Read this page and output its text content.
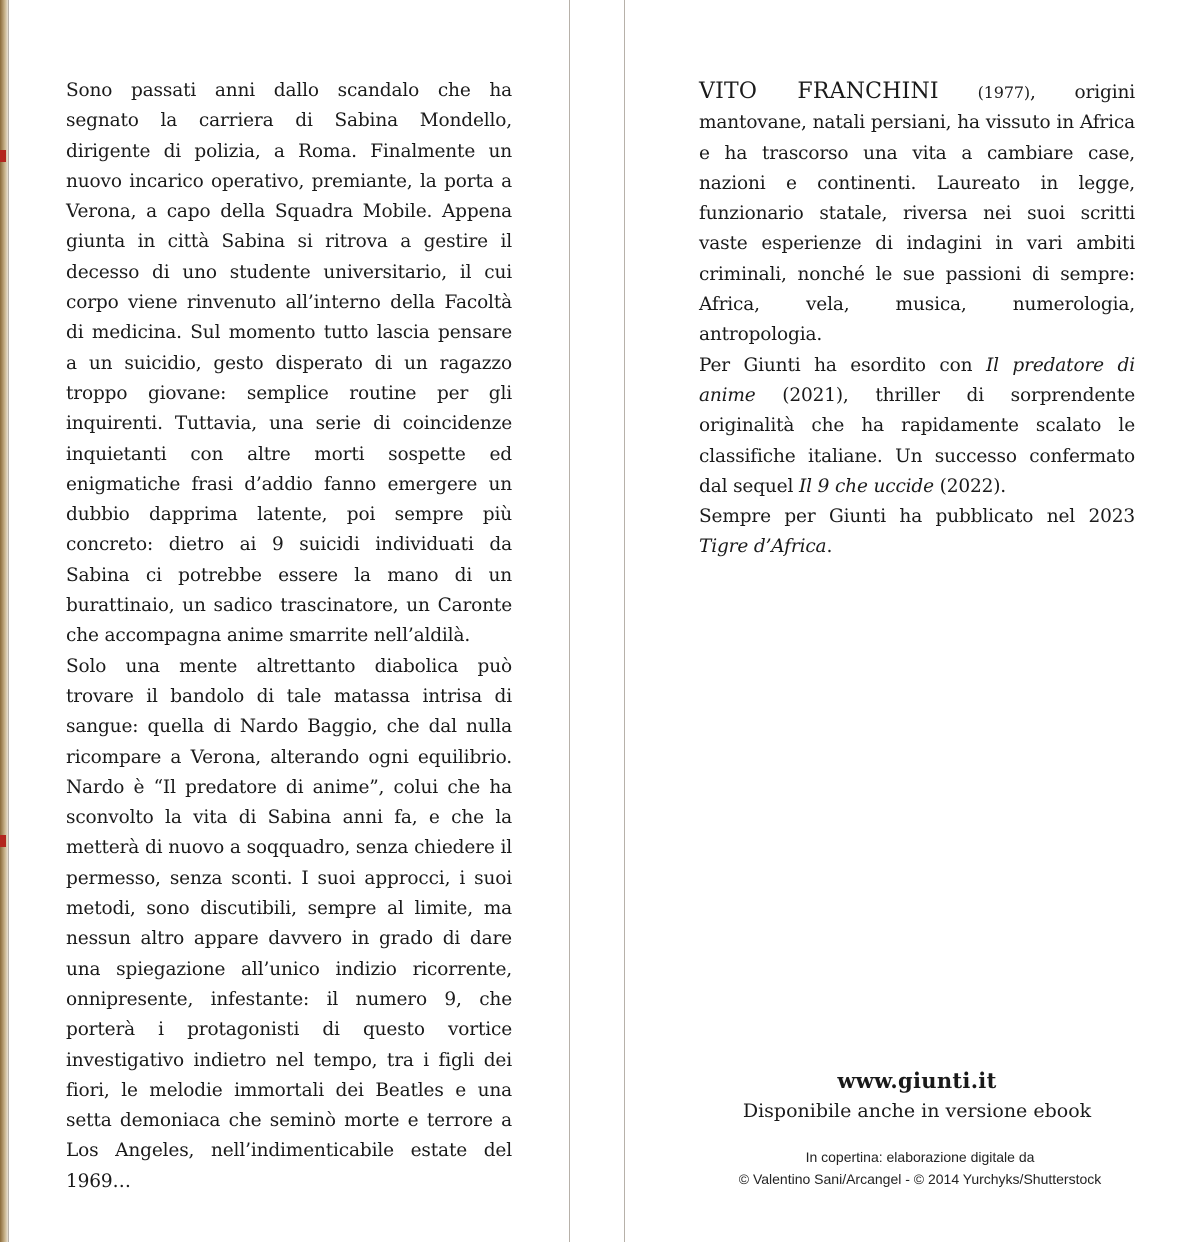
Sono passati anni dallo scandalo che ha segnato la carriera di Sabina Mondello, dirigente di polizia, a Roma. Finalmente un nuovo incarico operativo, premiante, la porta a Verona, a capo della Squadra Mobile. Appena giunta in città Sabina si ritrova a gestire il decesso di uno studente universitario, il cui corpo viene rinvenuto all’interno della Facoltà di medicina. Sul momento tutto lascia pensare a un suicidio, gesto disperato di un ragazzo troppo giovane: semplice routine per gli inquirenti. Tuttavia, una serie di coincidenze inquietanti con altre morti sospette ed enigmatiche frasi d’addio fanno emergere un dubbio dapprima latente, poi sempre più concreto: dietro ai 9 suicidi individuati da Sabina ci potrebbe essere la mano di un burattinaio, un sadico trascinatore, un Caronte che accompagna anime smarrite nell’aldilà.

Solo una mente altrettanto diabolica può trovare il bandolo di tale matassa intrisa di sangue: quella di Nardo Baggio, che dal nulla ricompare a Verona, alterando ogni equilibrio. Nardo è “Il predatore di anime”, colui che ha sconvolto la vita di Sabina anni fa, e che la metterà di nuovo a soqquadro, senza chiedere il permesso, senza sconti. I suoi approcci, i suoi metodi, sono discutibili, sempre al limite, ma nessun altro appare davvero in grado di dare una spiegazione all’unico indizio ricorrente, onnipresente, infestante: il numero 9, che porterà i protagonisti di questo vortice investigativo indietro nel tempo, tra i figli dei fiori, le melodie immortali dei Beatles e una setta demoniaca che seminò morte e terrore a Los Angeles, nell’indimenticabile estate del 1969…

VITO FRANCHINI (1977), origini mantovane, natali persiani, ha vissuto in Africa e ha trascorso una vita a cambiare case, nazioni e continenti. Laureato in legge, funzionario statale, riversa nei suoi scritti vaste esperienze di indagini in vari ambiti criminali, nonché le sue passioni di sempre: Africa, vela, musica, numerologia, antropologia.

Per Giunti ha esordito con Il predatore di anime (2021), thriller di sorprendente originalità che ha rapidamente scalato le classifiche italiane. Un successo confermato dal sequel Il 9 che uccide (2022).

Sempre per Giunti ha pubblicato nel 2023 Tigre d’Africa.

www.giunti.it
Disponibile anche in versione ebook
In copertina: elaborazione digitale da
© Valentino Sani/Arcangel - © 2014 Yurchyks/Shutterstock
